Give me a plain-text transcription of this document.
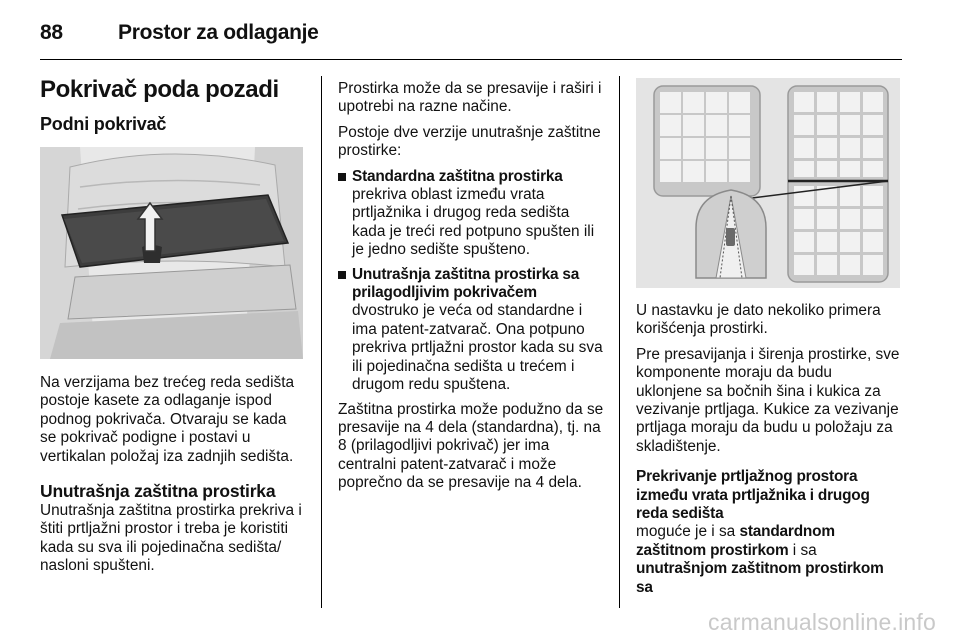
88	Prostor za odlaganje
Pokrivač poda pozadi
Podni pokrivač

Na verzijama bez trećeg reda sedišta postoje kasete za odlaganje ispod podnog pokrivača. Otvaraju se kada se pokrivač podigne i postavi u vertikalan položaj iza zadnjih sedišta.

Unutrašnja zaštitna prostirka

Unutrašnja zaštitna prostirka prekriva i štiti prtljažni prostor i treba je koristiti kada su sva ili pojedinačna sedišta/ nasloni spušteni.

Prostirka može da se presavije i raširi i upotrebi na razne načine.

Postoje dve verzije unutrašnje zaštitne prostirke:

Standardna zaštitna prostirka
prekriva oblast između vrata prtljažnika i drugog reda sedišta kada je treći red potpuno spušten ili je jedno sedište spušteno.
Unutrašnja zaštitna prostirka sa prilagodljivim pokrivačem
dvostruko je veća od standardne i ima patent-zatvarač. Ona potpuno prekriva prtljažni prostor kada su sva ili pojedinačna sedišta u trećem i drugom redu spuštena.

Zaštitna prostirka može podužno da se presavije na 4 dela (standardna), tj. na 8 (prilagodljivi pokrivač) jer ima centralni patent-zatvarač i može poprečno da se presavije na 4 dela.

U nastavku je dato nekoliko primera korišćenja prostirki.

Pre presavijanja i širenja prostirke, sve komponente moraju da budu uklonjene sa bočnih šina i kukica za vezivanje prtljaga. Kukice za vezivanje prtljaga moraju da budu u položaju za skladištenje.

Prekrivanje prtljažnog prostora između vrata prtljažnika i drugog reda sedišta

moguće je i sa standardnom zaštitnom prostirkom i sa
unutrašnjom zaštitnom prostirkom sa

carmanualsonline.info
